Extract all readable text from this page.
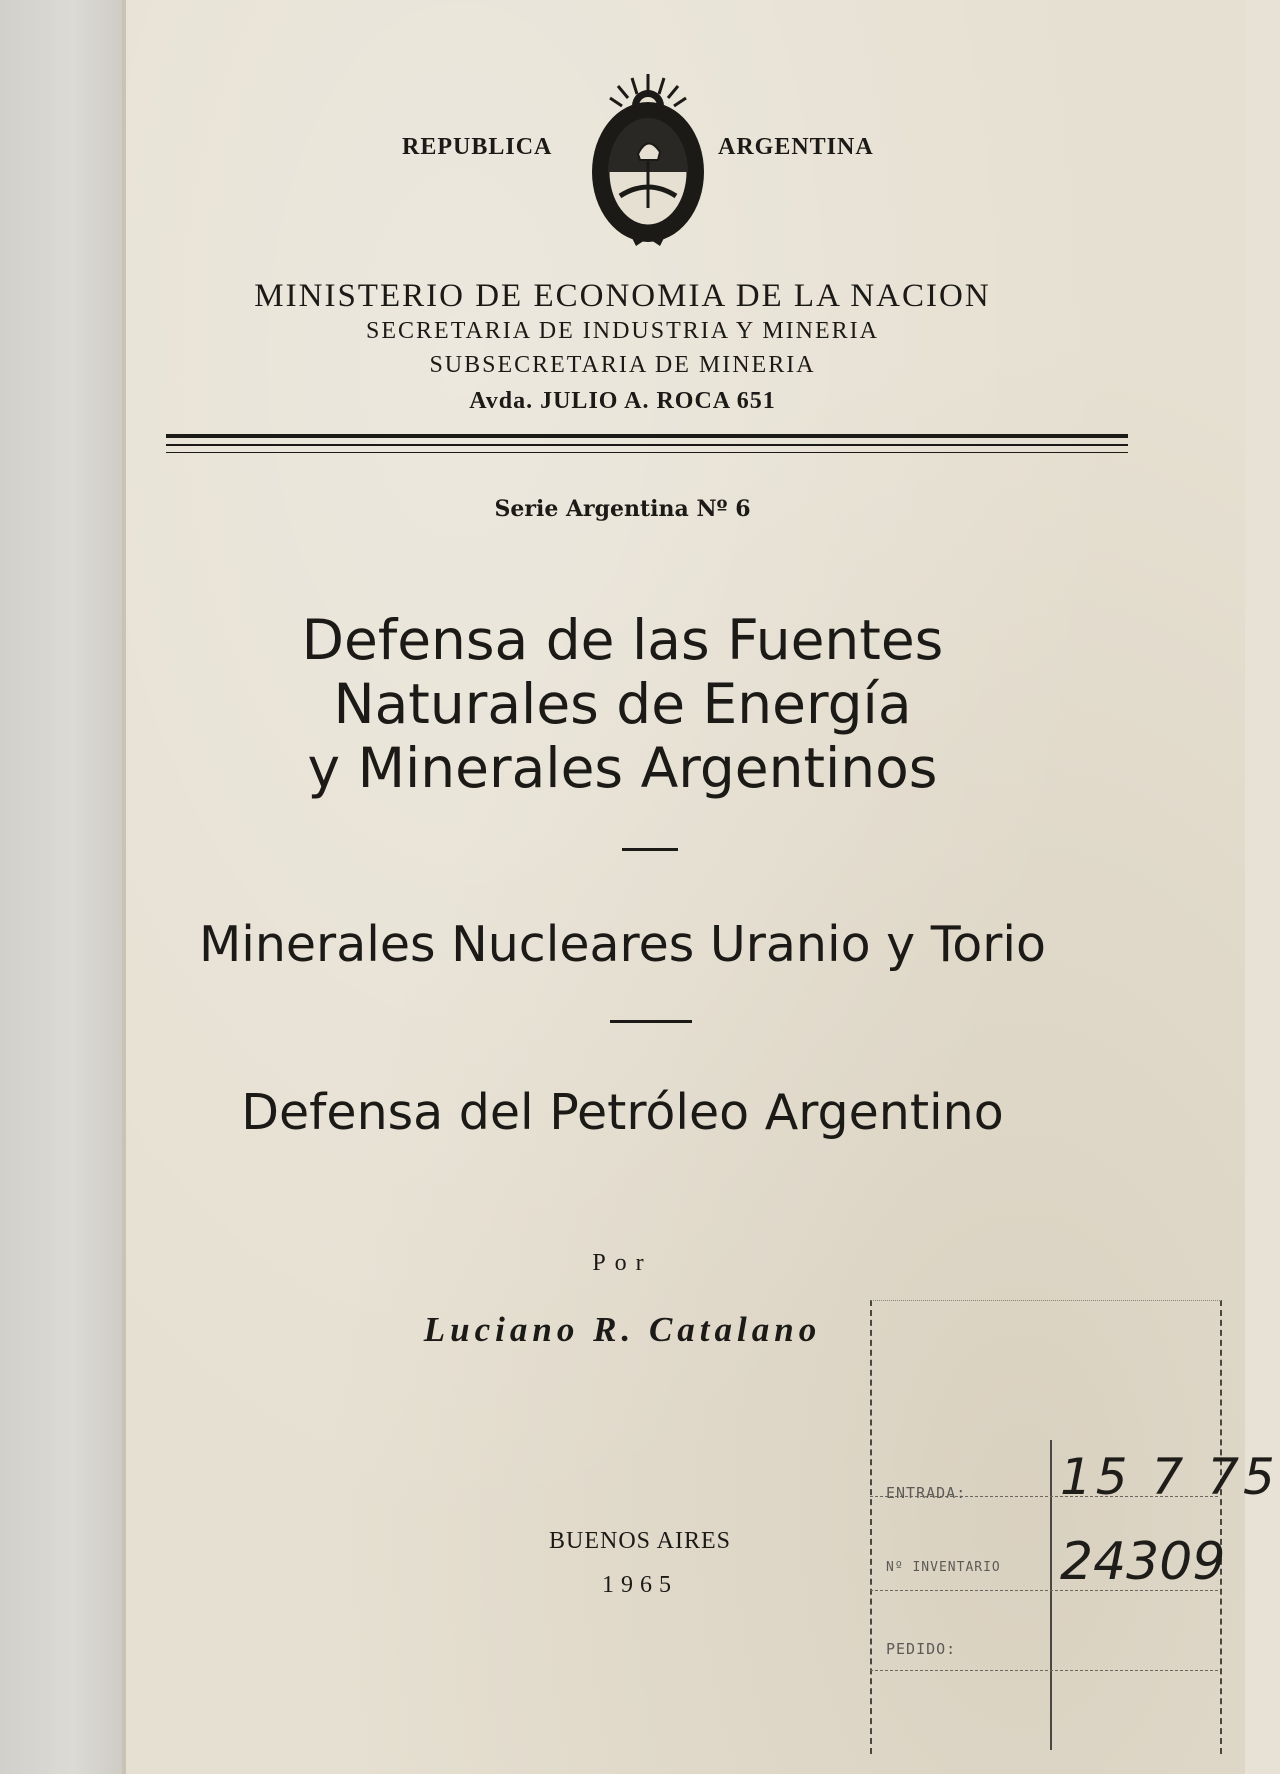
REPUBLICA	ARGENTINA
MINISTERIO DE ECONOMIA DE LA NACION
SECRETARIA DE INDUSTRIA Y MINERIA
SUBSECRETARIA DE MINERIA
Avda. JULIO A. ROCA 651
Serie Argentina Nº 6
Defensa de las Fuentes
Naturales de Energía
y Minerales Argentinos
Minerales Nucleares Uranio y Torio
Defensa del Petróleo Argentino
Por
Luciano R. Catalano
BUENOS AIRES
1965
ENTRADA: 15 7 75
Nº INVENTARIO 24309
PEDIDO:
